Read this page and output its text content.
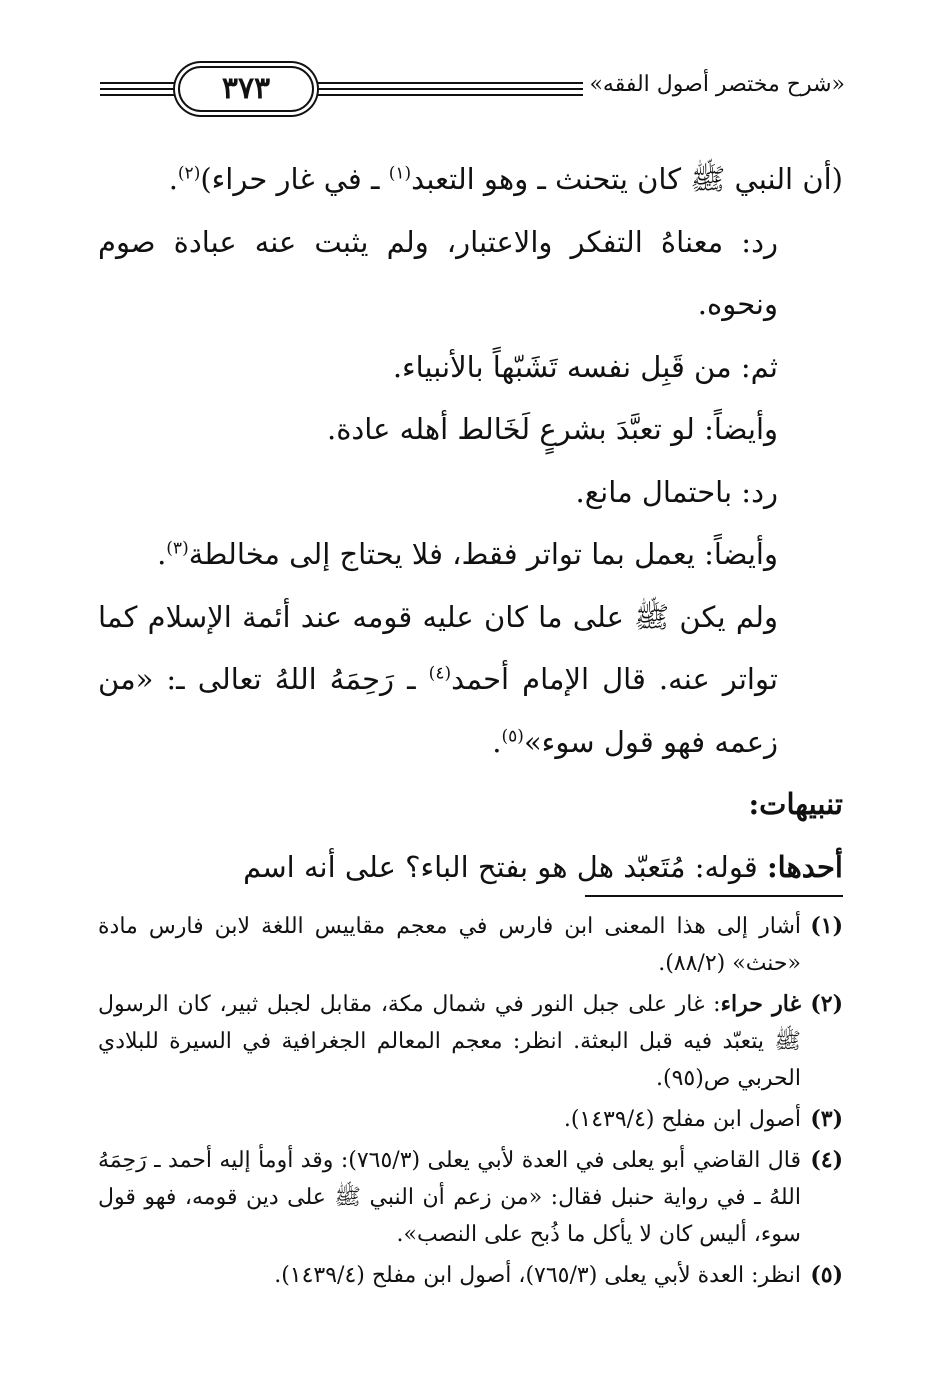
٣٧٣	«شرح مختصر أصول الفقه»

(أن النبي ﷺ كان يتحنث ـ وهو التعبد$^{(١)}$ ـ في غار حراء)$^{(٢)}$.

رد: معناهُ التفكر والاعتبار، ولم يثبت عنه عبادة صوم ونحوه.

ثم: من قَبِل نفسه تَشَبّهاً بالأنبياء.

وأيضاً: لو تعبَّدَ بشرعٍ لَخَالط أهله عادة.

رد: باحتمال مانع.

وأيضاً: يعمل بما تواتر فقط، فلا يحتاج إلى مخالطة$^{(٣)}$.

ولم يكن ﷺ على ما كان عليه قومه عند أئمة الإسلام كما تواتر عنه. قال الإمام أحمد$^{(٤)}$ ـ رَحِمَهُ اللهُ تعالى ـ: «من زعمه فهو قول سوء»$^{(٥)}$.

تنبيهات:

أحدها: قوله: مُتَعبّد هل هو بفتح الباء؟ على أنه اسم

(١)
أشار إلى هذا المعنى ابن فارس في معجم مقاييس اللغة لابن فارس مادة «حنث» (٨٨/٢).
(٢)
غار حراء: غار على جبل النور في شمال مكة، مقابل لجبل ثبير، كان الرسول ﷺ يتعبّد فيه قبل البعثة. انظر: معجم المعالم الجغرافية في السيرة للبلادي الحربي ص(٩٥).
(٣)
أصول ابن مفلح (١٤٣٩/٤).
(٤)
قال القاضي أبو يعلى في العدة لأبي يعلى (٧٦٥/٣): وقد أومأ إليه أحمد ـ رَحِمَهُ اللهُ ـ في رواية حنبل فقال: «من زعم أن النبي ﷺ على دين قومه، فهو قول سوء، أليس كان لا يأكل ما ذُبح على النصب».
(٥)
انظر: العدة لأبي يعلى (٧٦٥/٣)، أصول ابن مفلح (١٤٣٩/٤).
